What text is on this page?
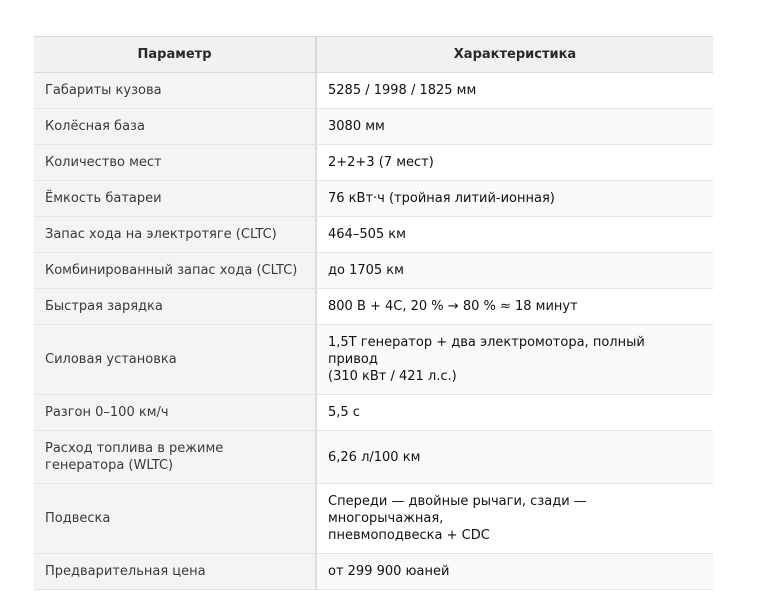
Параметр	Характеристика
Габариты кузова	5285 / 1998 / 1825 мм
Колёсная база	3080 мм
Количество мест	2+2+3 (7 мест)
Ёмкость батареи	76 кВт·ч (тройная литий-ионная)
Запас хода на электротяге (CLTC)	464–505 км
Комбинированный запас хода (CLTC)	до 1705 км
Быстрая зарядка	800 В + 4С, 20 % → 80 % ≈ 18 минут
Силовая установка	1,5T генератор + два электромотора, полный
привод
(310 кВт / 421 л.с.)
Разгон 0–100 км/ч	5,5 с
Расход топлива в режиме генератора (WLTC)	6,26 л/100 км
Подвеска	Спереди — двойные рычаги, сзади —
многорычажная,
пневмоподвеска + CDC
Предварительная цена	от 299 900 юаней
